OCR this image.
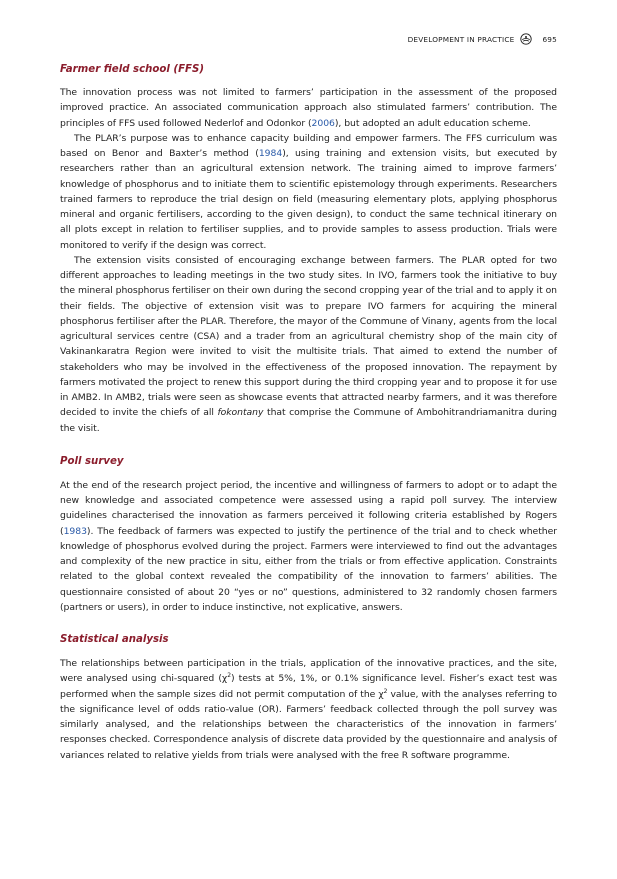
DEVELOPMENT IN PRACTICE	695
Farmer field school (FFS)

The innovation process was not limited to farmers’ participation in the assessment of the proposed improved practice. An associated communication approach also stimulated farmers’ contribution. The principles of FFS used followed Nederlof and Odonkor (2006), but adopted an adult education scheme.

The PLAR’s purpose was to enhance capacity building and empower farmers. The FFS curriculum was based on Benor and Baxter’s method (1984), using training and extension visits, but executed by researchers rather than an agricultural extension network. The training aimed to improve farmers’ knowledge of phosphorus and to initiate them to scientific epistemology through experiments. Researchers trained farmers to reproduce the trial design on field (measuring elementary plots, applying phosphorus mineral and organic fertilisers, according to the given design), to conduct the same technical itinerary on all plots except in relation to fertiliser supplies, and to provide samples to assess production. Trials were monitored to verify if the design was correct.

The extension visits consisted of encouraging exchange between farmers. The PLAR opted for two different approaches to leading meetings in the two study sites. In IVO, farmers took the initiative to buy the mineral phosphorus fertiliser on their own during the second cropping year of the trial and to apply it on their fields. The objective of extension visit was to prepare IVO farmers for acquiring the mineral phosphorus fertiliser after the PLAR. Therefore, the mayor of the Commune of Vinany, agents from the local agricultural services centre (CSA) and a trader from an agricultural chemistry shop of the main city of Vakinankaratra Region were invited to visit the multisite trials. That aimed to extend the number of stakeholders who may be involved in the effectiveness of the proposed innovation. The repayment by farmers motivated the project to renew this support during the third cropping year and to propose it for use in AMB2. In AMB2, trials were seen as showcase events that attracted nearby farmers, and it was therefore decided to invite the chiefs of all fokontany that comprise the Commune of Ambohitrandriamanitra during the visit.

Poll survey

At the end of the research project period, the incentive and willingness of farmers to adopt or to adapt the new knowledge and associated competence were assessed using a rapid poll survey. The interview guidelines characterised the innovation as farmers perceived it following criteria established by Rogers (1983). The feedback of farmers was expected to justify the pertinence of the trial and to check whether knowledge of phosphorus evolved during the project. Farmers were interviewed to find out the advantages and complexity of the new practice in situ, either from the trials or from effective application. Constraints related to the global context revealed the compatibility of the innovation to farmers’ abilities. The questionnaire consisted of about 20 “yes or no” questions, administered to 32 randomly chosen farmers (partners or users), in order to induce instinctive, not explicative, answers.

Statistical analysis

The relationships between participation in the trials, application of the innovative practices, and the site, were analysed using chi-squared $(\chi^2)$ tests at 5%, 1%, or 0.1% significance level. Fisher’s exact test was performed when the sample sizes did not permit computation of the $\chi^2$ value, with the analyses referring to the significance level of odds ratio-value (OR). Farmers’ feedback collected through the poll survey was similarly analysed, and the relationships between the characteristics of the innovation in farmers’ responses checked. Correspondence analysis of discrete data provided by the questionnaire and analysis of variances related to relative yields from trials were analysed with the free R software programme.
